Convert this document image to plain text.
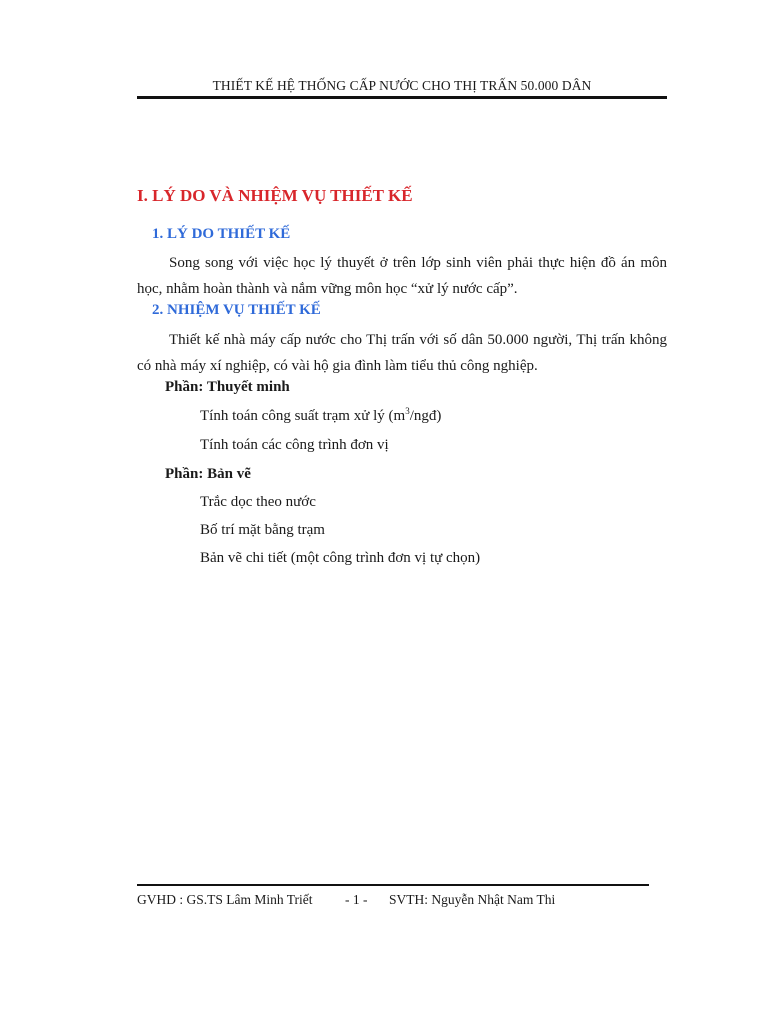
THIẾT KẾ HỆ THỐNG CẤP NƯỚC CHO THỊ TRẤN 50.000 DÂN
I. LÝ DO VÀ NHIỆM VỤ THIẾT KẾ
1. LÝ DO THIẾT KẾ
Song song với việc học lý thuyết ở trên lớp sinh viên phải thực hiện đồ án môn học, nhằm hoàn thành và nắm vững môn học “xử lý nước cấp”.
2. NHIỆM VỤ THIẾT KẾ
Thiết kế nhà máy cấp nước cho Thị trấn với số dân 50.000 người, Thị trấn không có nhà máy xí nghiệp, có vài hộ gia đình làm tiểu thủ công nghiệp.
Phần: Thuyết minh
Tính toán công suất trạm xử lý $(m^3/ngđ)$
Tính toán các công trình đơn vị
Phần: Bản vẽ
Trắc dọc theo nước
Bố trí mặt bằng trạm
Bản vẽ chi tiết (một công trình đơn vị tự chọn)
GVHD : GS.TS Lâm Minh Triết - 1 - SVTH: Nguyễn Nhật Nam Thi
